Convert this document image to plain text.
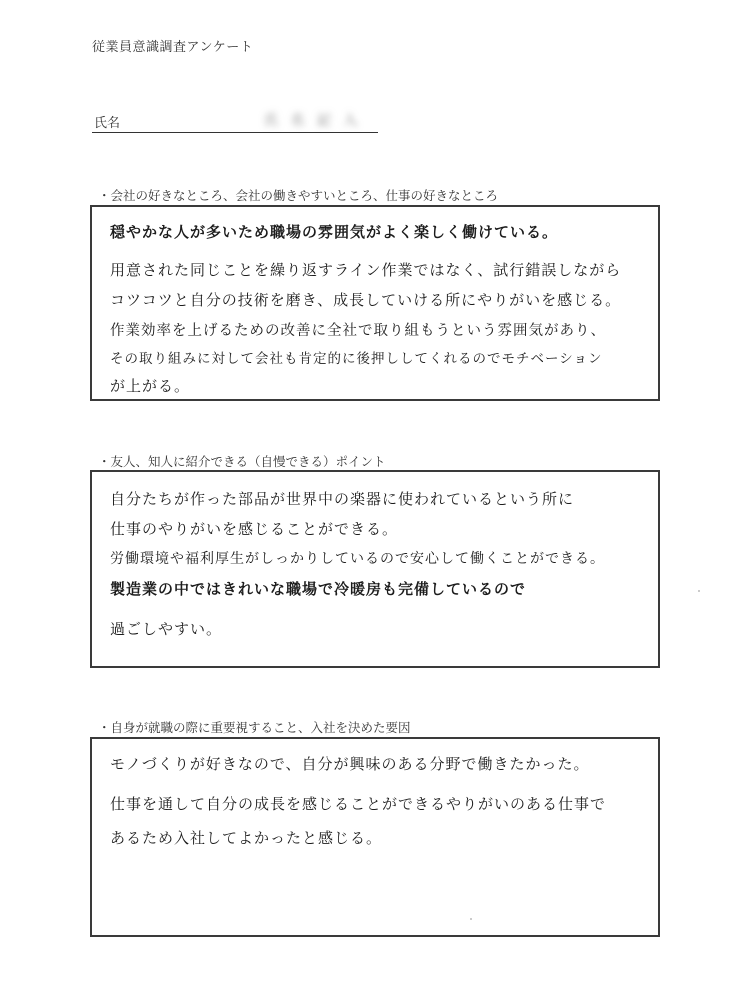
従業員意識調査アンケート
氏名	氏 名 記 入
・会社の好きなところ、会社の働きやすいところ、仕事の好きなところ
穏やかな人が多いため職場の雰囲気がよく楽しく働けている。
用意された同じことを繰り返すライン作業ではなく、試行錯誤しながら
コツコツと自分の技術を磨き、成長していける所にやりがいを感じる。
作業効率を上げるための改善に全社で取り組もうという雰囲気があり、
その取り組みに対して会社も肯定的に後押ししてくれるのでモチベーション
が上がる。
・友人、知人に紹介できる（自慢できる）ポイント
自分たちが作った部品が世界中の楽器に使われているという所に
仕事のやりがいを感じることができる。
労働環境や福利厚生がしっかりしているので安心して働くことができる。
製造業の中ではきれいな職場で冷暖房も完備しているので
過ごしやすい。
・自身が就職の際に重要視すること、入社を決めた要因
モノづくりが好きなので、自分が興味のある分野で働きたかった。
仕事を通して自分の成長を感じることができるやりがいのある仕事で
あるため入社してよかったと感じる。
